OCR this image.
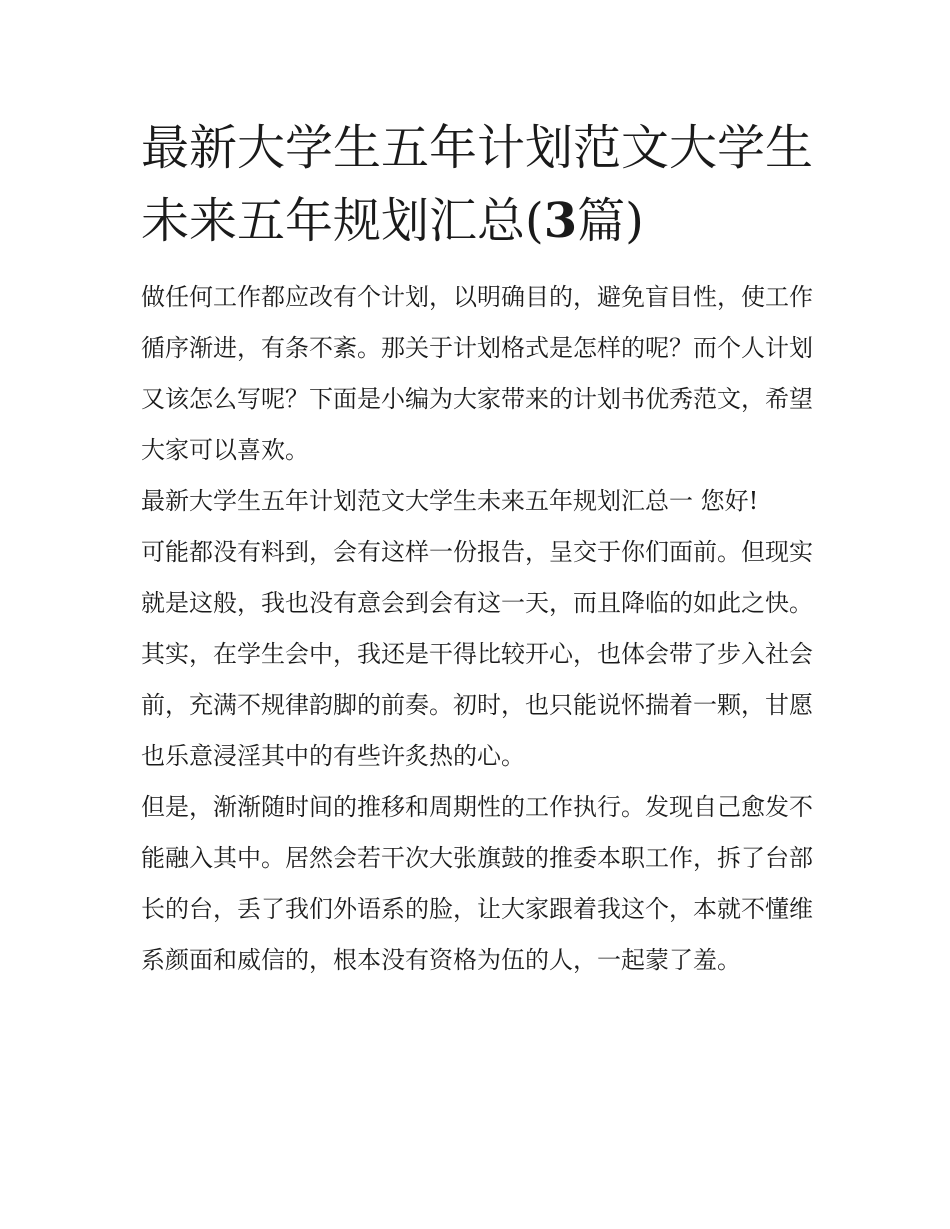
最新大学生五年计划范文大学生未来五年规划汇总(3篇)

做任何工作都应改有个计划，以明确目的，避免盲目性，使工作循序渐进，有条不紊。那关于计划格式是怎样的呢？而个人计划又该怎么写呢？下面是小编为大家带来的计划书优秀范文，希望大家可以喜欢。

最新大学生五年计划范文大学生未来五年规划汇总一 您好!

可能都没有料到，会有这样一份报告，呈交于你们面前。但现实就是这般，我也没有意会到会有这一天，而且降临的如此之快。

其实，在学生会中，我还是干得比较开心，也体会带了步入社会前，充满不规律韵脚的前奏。初时，也只能说怀揣着一颗，甘愿也乐意浸淫其中的有些许炙热的心。

但是，渐渐随时间的推移和周期性的工作执行。发现自己愈发不能融入其中。居然会若干次大张旗鼓的推委本职工作，拆了台部长的台，丢了我们外语系的脸，让大家跟着我这个，本就不懂维系颜面和威信的，根本没有资格为伍的人，一起蒙了羞。
